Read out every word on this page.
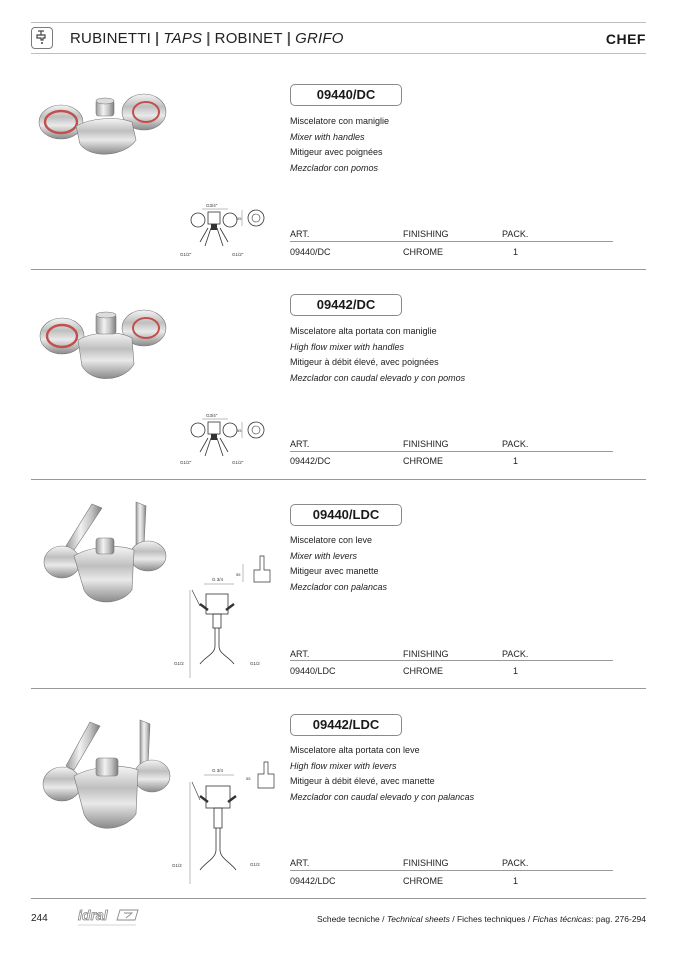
RUBINETTI | TAPS | ROBINET | GRIFO	CHEF
G3/4"
G1/2"	G1/2"
55
09440/DC
Miscelatore con maniglie
Mixer with handles
Mitigeur avec poignées
Mezclador con pomos
ART.	FINISHING	PACK.
09440/DC	CHROME	1
G3/4"
G1/2"	G1/2"
55
09442/DC
Miscelatore alta portata con maniglie
High flow mixer with handles
Mitigeur à débit élevé, avec poignées
Mezclador con caudal elevado y con pomos
ART.	FINISHING	PACK.
09442/DC	CHROME	1
G 3/4
G1/2	G1/2
55
09440/LDC
Miscelatore con leve
Mixer with levers
Mitigeur avec manette
Mezclador con palancas
ART.	FINISHING	PACK.
09440/LDC	CHROME	1
G 3/4
G1/2	G1/2
55
09442/LDC
Miscelatore alta portata con leve
High flow mixer with levers
Mitigeur à débit élevé, avec manette
Mezclador con caudal elevado y con palancas
ART.	FINISHING	PACK.
09442/LDC	CHROME	1
244 idral	Schede tecniche / Technical sheets / Fiches techniques / Fichas técnicas: pag. 276-294
